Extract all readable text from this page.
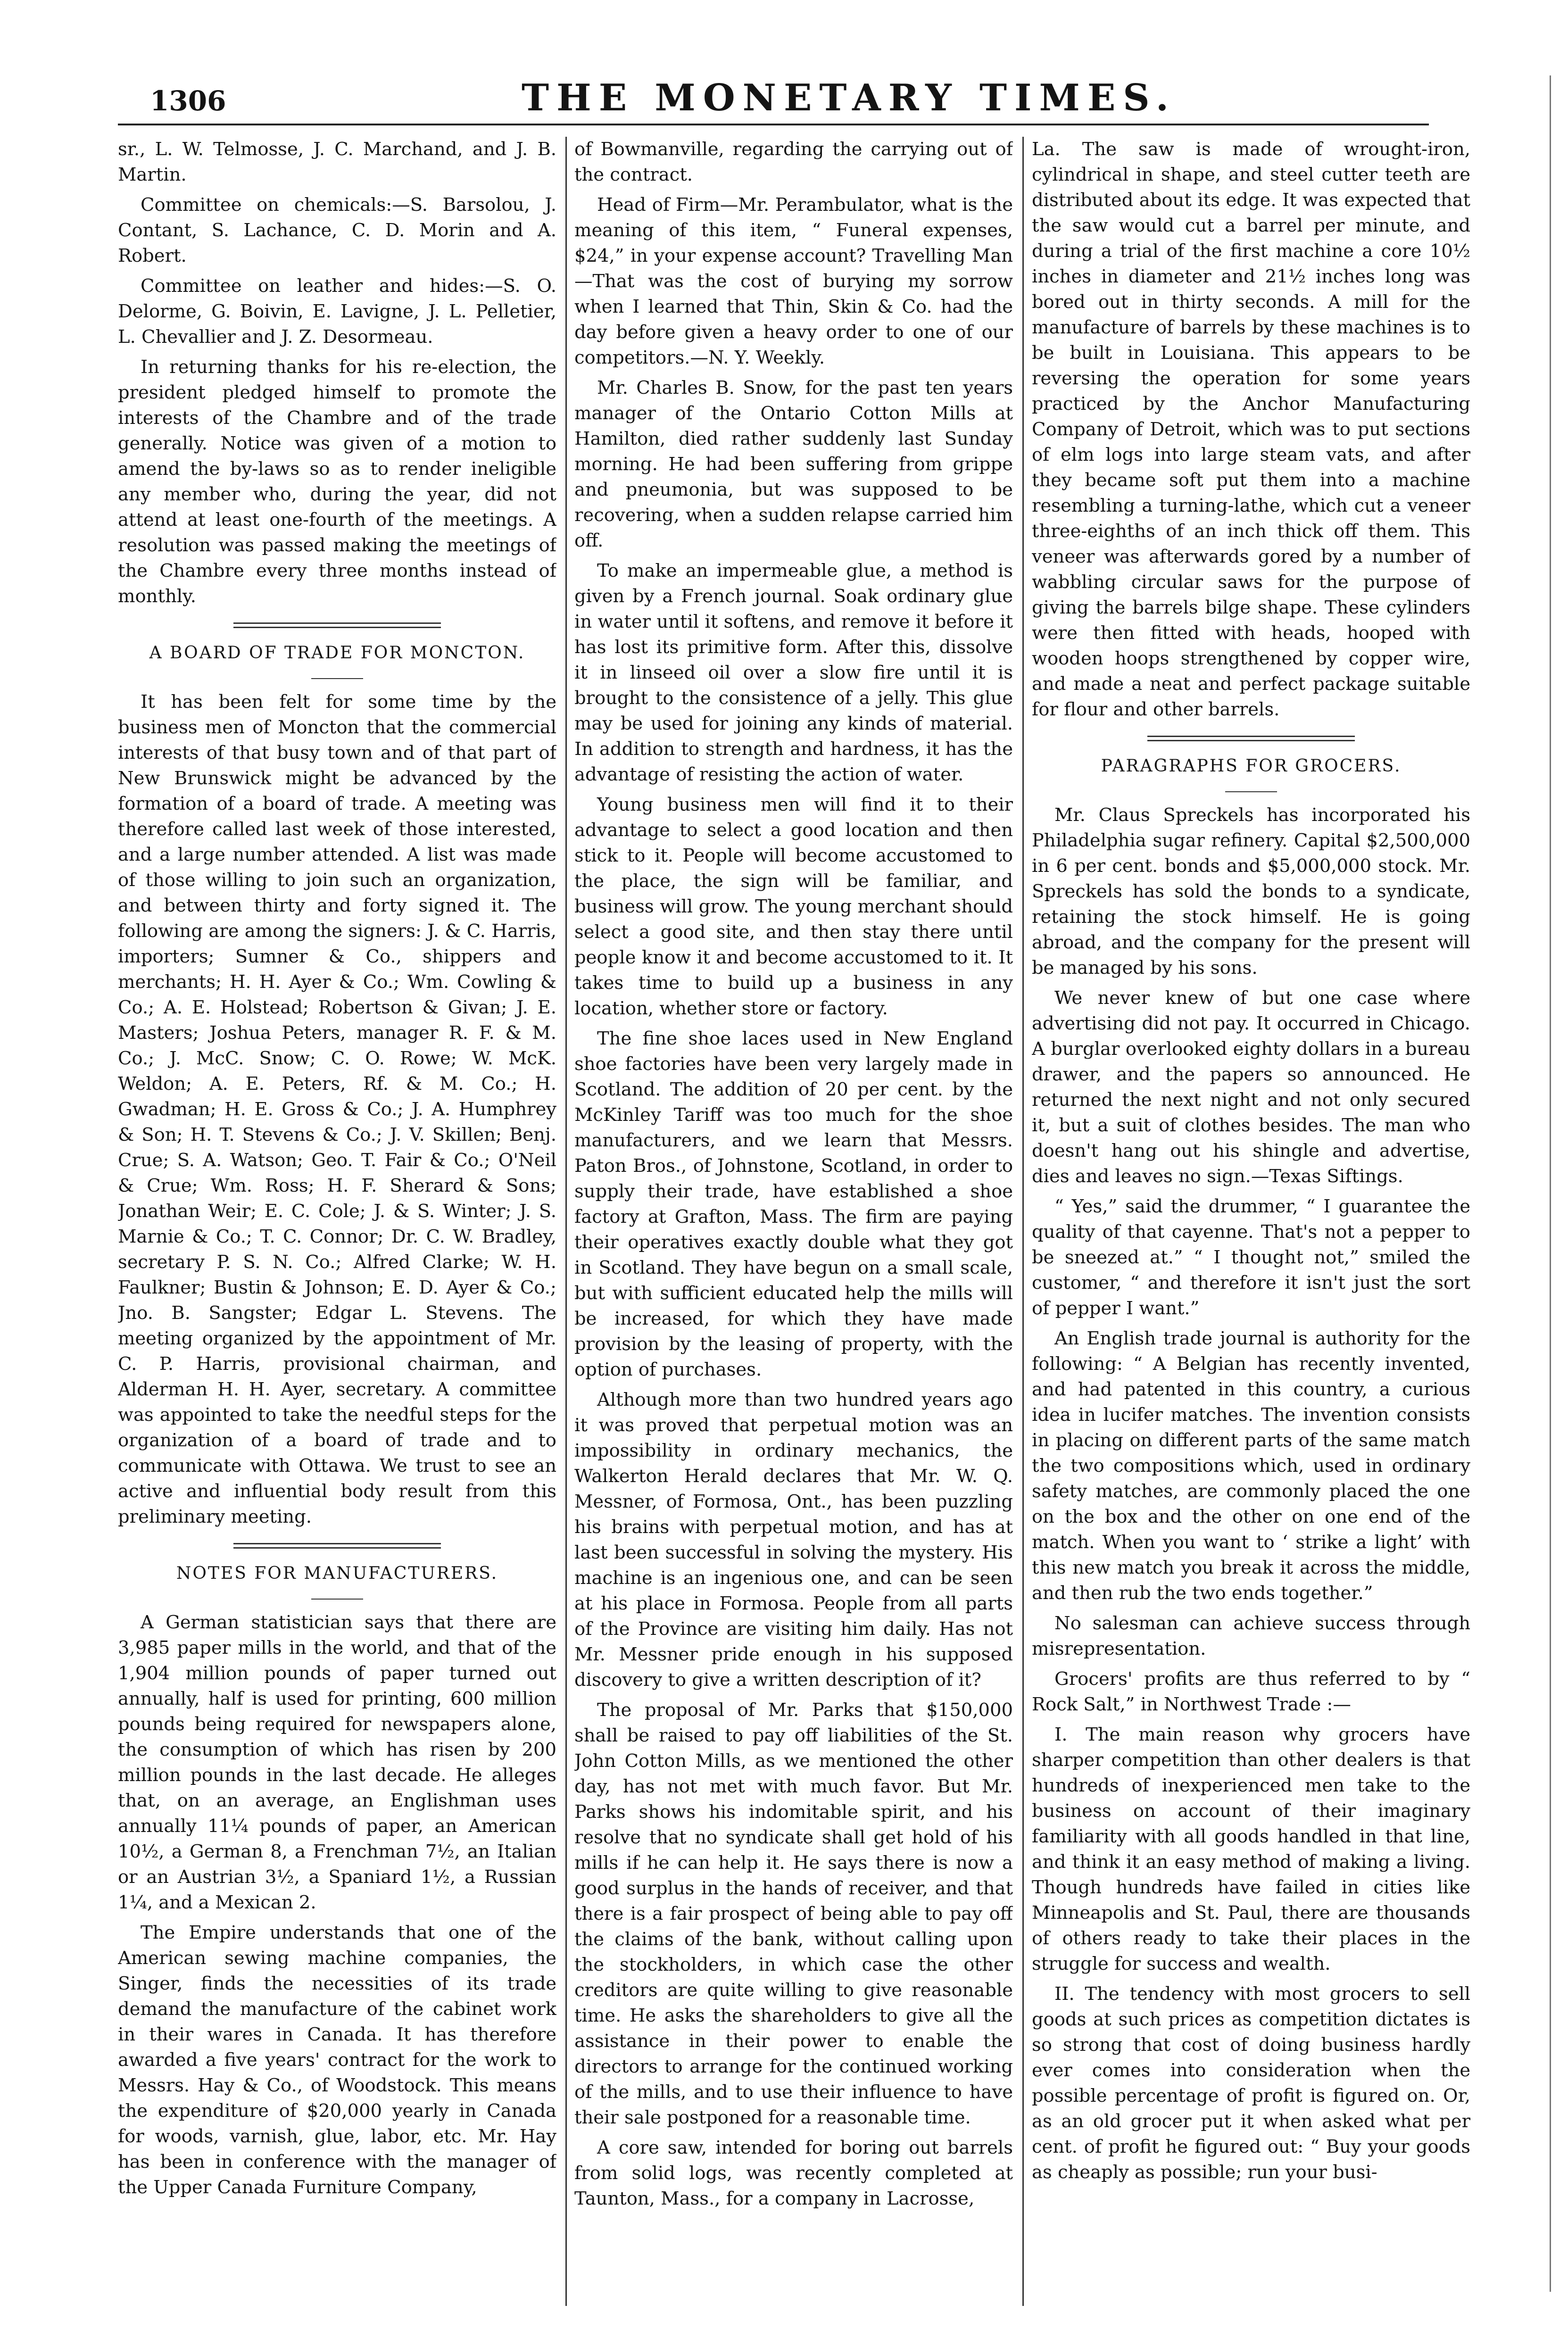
1306	THE MONETARY TIMES.

sr., L. W. Telmosse, J. C. Marchand, and J. B. Martin.

Committee on chemicals:—S. Barsolou, J. Contant, S. Lachance, C. D. Morin and A. Robert.

Committee on leather and hides:—S. O. Delorme, G. Boivin, E. Lavigne, J. L. Pelletier, L. Chevallier and J. Z. Desormeau.

In returning thanks for his re-election, the president pledged himself to promote the interests of the Chambre and of the trade generally. Notice was given of a motion to amend the by-laws so as to render ineligible any member who, during the year, did not attend at least one-fourth of the meetings. A resolution was passed making the meetings of the Chambre every three months instead of monthly.

A BOARD OF TRADE FOR MONCTON.

It has been felt for some time by the business men of Moncton that the commercial interests of that busy town and of that part of New Brunswick might be advanced by the formation of a board of trade. A meeting was therefore called last week of those interested, and a large number attended. A list was made of those willing to join such an organization, and between thirty and forty signed it. The following are among the signers: J. & C. Harris, importers; Sumner & Co., shippers and merchants; H. H. Ayer & Co.; Wm. Cowling & Co.; A. E. Holstead; Robertson & Givan; J. E. Masters; Joshua Peters, manager R. F. & M. Co.; J. McC. Snow; C. O. Rowe; W. McK. Weldon; A. E. Peters, Rf. & M. Co.; H. Gwadman; H. E. Gross & Co.; J. A. Humphrey & Son; H. T. Stevens & Co.; J. V. Skillen; Benj. Crue; S. A. Watson; Geo. T. Fair & Co.; O'Neil & Crue; Wm. Ross; H. F. Sherard & Sons; Jonathan Weir; E. C. Cole; J. & S. Winter; J. S. Marnie & Co.; T. C. Connor; Dr. C. W. Bradley, secretary P. S. N. Co.; Alfred Clarke; W. H. Faulkner; Bustin & Johnson; E. D. Ayer & Co.; Jno. B. Sangster; Edgar L. Stevens. The meeting organized by the appointment of Mr. C. P. Harris, provisional chairman, and Alderman H. H. Ayer, secretary. A committee was appointed to take the needful steps for the organization of a board of trade and to communicate with Ottawa. We trust to see an active and influential body result from this preliminary meeting.

NOTES FOR MANUFACTURERS.

A German statistician says that there are 3,985 paper mills in the world, and that of the 1,904 million pounds of paper turned out annually, half is used for printing, 600 million pounds being required for newspapers alone, the consumption of which has risen by 200 million pounds in the last decade. He alleges that, on an average, an Englishman uses annually 11¼ pounds of paper, an American 10½, a German 8, a Frenchman 7½, an Italian or an Austrian 3½, a Spaniard 1½, a Russian 1¼, and a Mexican 2.

The Empire understands that one of the American sewing machine companies, the Singer, finds the necessities of its trade demand the manufacture of the cabinet work in their wares in Canada. It has therefore awarded a five years' contract for the work to Messrs. Hay & Co., of Woodstock. This means the expenditure of $20,000 yearly in Canada for woods, varnish, glue, labor, etc. Mr. Hay has been in conference with the manager of the Upper Canada Furniture Company,

of Bowmanville, regarding the carrying out of the contract.

Head of Firm—Mr. Perambulator, what is the meaning of this item, “ Funeral expenses, $24,” in your expense account? Travelling Man—That was the cost of burying my sorrow when I learned that Thin, Skin & Co. had the day before given a heavy order to one of our competitors.—N. Y. Weekly.

Mr. Charles B. Snow, for the past ten years manager of the Ontario Cotton Mills at Hamilton, died rather suddenly last Sunday morning. He had been suffering from grippe and pneumonia, but was supposed to be recovering, when a sudden relapse carried him off.

To make an impermeable glue, a method is given by a French journal. Soak ordinary glue in water until it softens, and remove it before it has lost its primitive form. After this, dissolve it in linseed oil over a slow fire until it is brought to the consistence of a jelly. This glue may be used for joining any kinds of material. In addition to strength and hardness, it has the advantage of resisting the action of water.

Young business men will find it to their advantage to select a good location and then stick to it. People will become accustomed to the place, the sign will be familiar, and business will grow. The young merchant should select a good site, and then stay there until people know it and become accustomed to it. It takes time to build up a business in any location, whether store or factory.

The fine shoe laces used in New England shoe factories have been very largely made in Scotland. The addition of 20 per cent. by the McKinley Tariff was too much for the shoe manufacturers, and we learn that Messrs. Paton Bros., of Johnstone, Scotland, in order to supply their trade, have established a shoe factory at Grafton, Mass. The firm are paying their operatives exactly double what they got in Scotland. They have begun on a small scale, but with sufficient educated help the mills will be increased, for which they have made provision by the leasing of property, with the option of purchases.

Although more than two hundred years ago it was proved that perpetual motion was an impossibility in ordinary mechanics, the Walkerton Herald declares that Mr. W. Q. Messner, of Formosa, Ont., has been puzzling his brains with perpetual motion, and has at last been successful in solving the mystery. His machine is an ingenious one, and can be seen at his place in Formosa. People from all parts of the Province are visiting him daily. Has not Mr. Messner pride enough in his supposed discovery to give a written description of it?

The proposal of Mr. Parks that $150,000 shall be raised to pay off liabilities of the St. John Cotton Mills, as we mentioned the other day, has not met with much favor. But Mr. Parks shows his indomitable spirit, and his resolve that no syndicate shall get hold of his mills if he can help it. He says there is now a good surplus in the hands of receiver, and that there is a fair prospect of being able to pay off the claims of the bank, without calling upon the stockholders, in which case the other creditors are quite willing to give reasonable time. He asks the shareholders to give all the assistance in their power to enable the directors to arrange for the continued working of the mills, and to use their influence to have their sale postponed for a reasonable time.

A core saw, intended for boring out barrels from solid logs, was recently completed at Taunton, Mass., for a company in Lacrosse,

La. The saw is made of wrought-iron, cylindrical in shape, and steel cutter teeth are distributed about its edge. It was expected that the saw would cut a barrel per minute, and during a trial of the first machine a core 10½ inches in diameter and 21½ inches long was bored out in thirty seconds. A mill for the manufacture of barrels by these machines is to be built in Louisiana. This appears to be reversing the operation for some years practiced by the Anchor Manufacturing Company of Detroit, which was to put sections of elm logs into large steam vats, and after they became soft put them into a machine resembling a turning-lathe, which cut a veneer three-eighths of an inch thick off them. This veneer was afterwards gored by a number of wabbling circular saws for the purpose of giving the barrels bilge shape. These cylinders were then fitted with heads, hooped with wooden hoops strengthened by copper wire, and made a neat and perfect package suitable for flour and other barrels.

PARAGRAPHS FOR GROCERS.

Mr. Claus Spreckels has incorporated his Philadelphia sugar refinery. Capital $2,500,000 in 6 per cent. bonds and $5,000,000 stock. Mr. Spreckels has sold the bonds to a syndicate, retaining the stock himself. He is going abroad, and the company for the present will be managed by his sons.

We never knew of but one case where advertising did not pay. It occurred in Chicago. A burglar overlooked eighty dollars in a bureau drawer, and the papers so announced. He returned the next night and not only secured it, but a suit of clothes besides. The man who doesn't hang out his shingle and advertise, dies and leaves no sign.—Texas Siftings.

“ Yes,” said the drummer, “ I guarantee the quality of that cayenne. That's not a pepper to be sneezed at.” “ I thought not,” smiled the customer, “ and therefore it isn't just the sort of pepper I want.”

An English trade journal is authority for the following: “ A Belgian has recently invented, and had patented in this country, a curious idea in lucifer matches. The invention consists in placing on different parts of the same match the two compositions which, used in ordinary safety matches, are commonly placed the one on the box and the other on one end of the match. When you want to ‘ strike a light’ with this new match you break it across the middle, and then rub the two ends together.”

No salesman can achieve success through misrepresentation.

Grocers' profits are thus referred to by “ Rock Salt,” in Northwest Trade :—

I. The main reason why grocers have sharper competition than other dealers is that hundreds of inexperienced men take to the business on account of their imaginary familiarity with all goods handled in that line, and think it an easy method of making a living. Though hundreds have failed in cities like Minneapolis and St. Paul, there are thousands of others ready to take their places in the struggle for success and wealth.

II. The tendency with most grocers to sell goods at such prices as competition dictates is so strong that cost of doing business hardly ever comes into consideration when the possible percentage of profit is figured on. Or, as an old grocer put it when asked what per cent. of profit he figured out: “ Buy your goods as cheaply as possible; run your busi-
